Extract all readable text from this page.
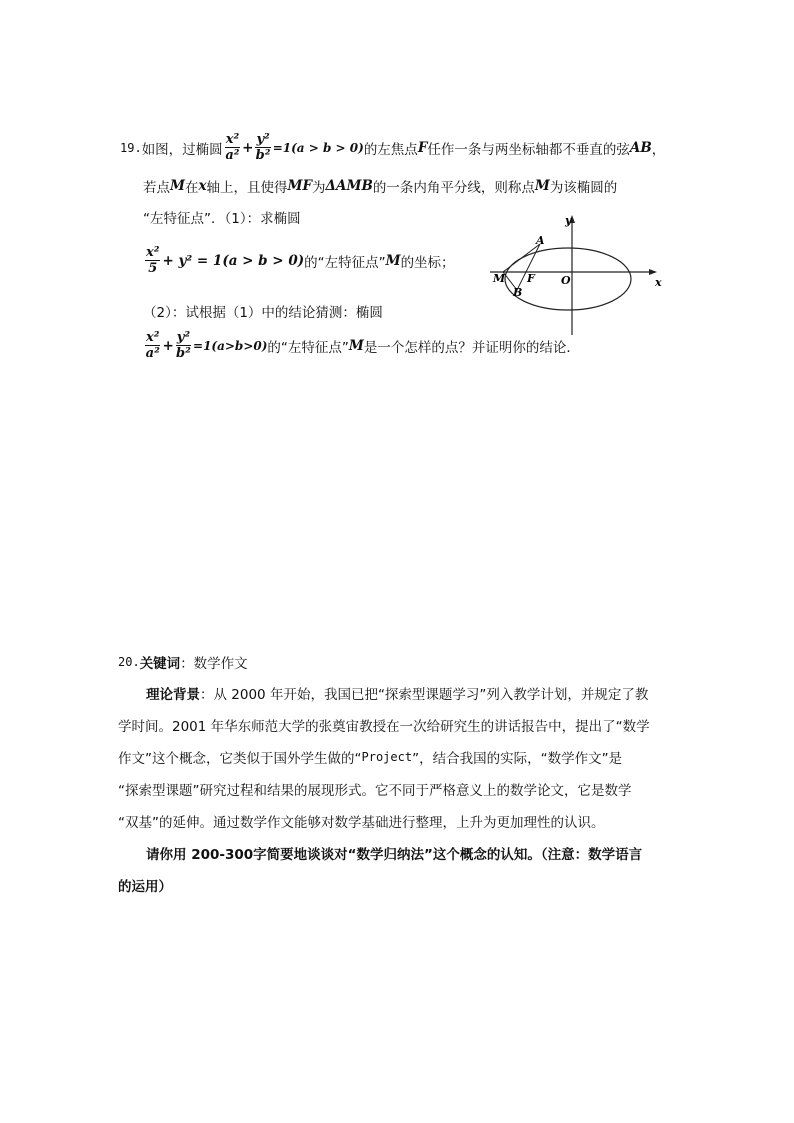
19. 如图，过椭圆 $\frac{\text{x²}}{\text{a²}} + \frac{\text{y²}}{\text{b²}} =1(a > b > 0)$ 的左焦点 F 任作一条与两坐标轴都不垂直的弦 AB ，
若点 M 在 x 轴上，且使得 MF 为 ΔAMB 的一条内角平分线，则称点 M 为该椭圆的
“左特征点”．（1）：求椭圆
$\frac{\text{x²}}{5} + y^2 = 1(a > b > 0)$ 的“左特征点” M 的坐标；
（2）：试根据（1）中的结论猜测：椭圆
$\frac{\text{x²}}{\text{a²}} + \frac{\text{y²}}{\text{b²}} =1(a>b>0)$ 的“左特征点” M 是一个怎样的点？并证明你的结论．
y
x
A
M F O
B
20. 关键词 ：数学作文
理论背景 ：从 2000 年开始，我国已把“探索型课题学习”列入教学计划，并规定了教
学时间。2001 年华东师范大学的张奠宙教授在一次给研究生的讲话报告中，提出了“数学
作文”这个概念，它类似于国外学生做的“ Project ”，结合我国的实际，“数学作文”是
“探索型课题”研究过程和结果的展现形式。它不同于严格意义上的数学论文，它是数学
“双基”的延伸。通过数学作文能够对数学基础进行整理，上升为更加理性的认识。
请你用 200-300字简要地谈谈对“数学归纳法”这个概念的认知。（注意：数学语言
的运用）
